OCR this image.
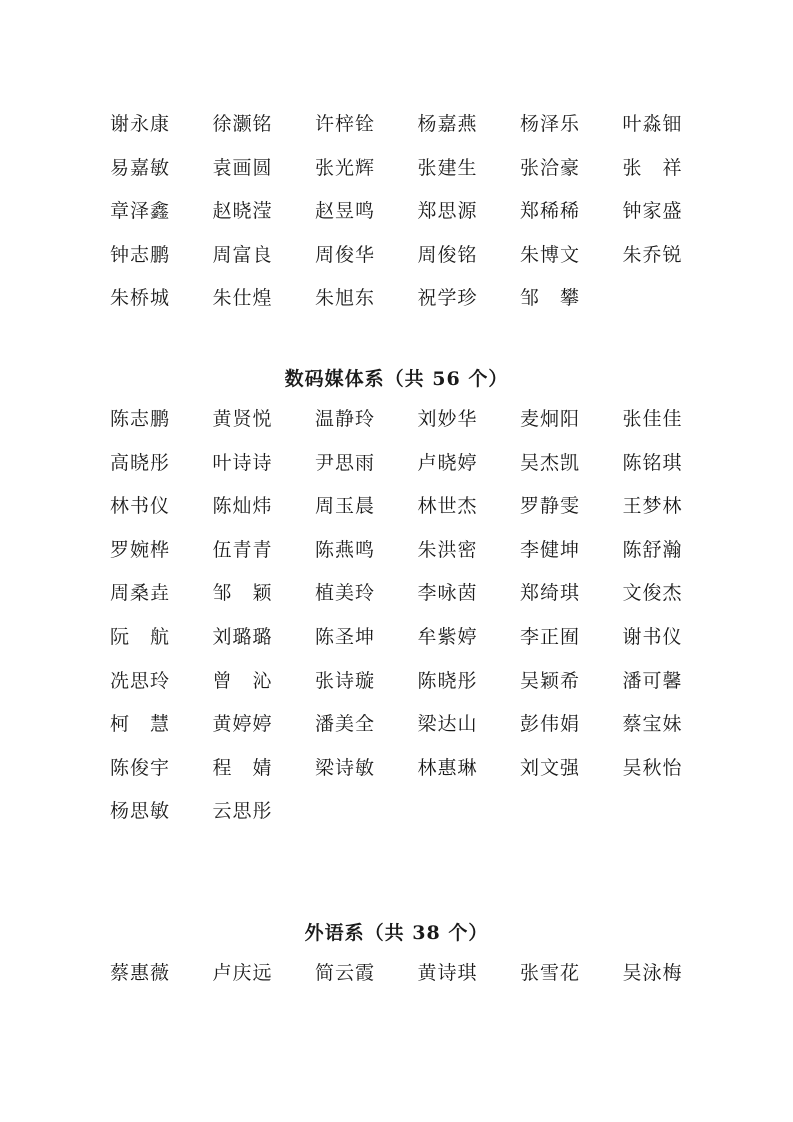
谢永康	徐灏铭	许梓铨	杨嘉燕	杨泽乐	叶淼钿
易嘉敏	袁画圆	张光辉	张建生	张洽豪	张　祥
章泽鑫	赵晓滢	赵昱鸣	郑思源	郑稀稀	钟家盛
钟志鹏	周富良	周俊华	周俊铭	朱博文	朱乔锐
朱桥城	朱仕煌	朱旭东	祝学珍	邹　攀
数码媒体系（共 56 个）
陈志鹏	黄贤悦	温静玲	刘妙华	麦炯阳	张佳佳
高晓彤	叶诗诗	尹思雨	卢晓婷	吴杰凯	陈铭琪
林书仪	陈灿炜	周玉晨	林世杰	罗静雯	王梦林
罗婉桦	伍青青	陈燕鸣	朱洪密	李健坤	陈舒瀚
周桑垚	邹　颖	植美玲	李咏茵	郑绮琪	文俊杰
阮　航	刘璐璐	陈圣坤	牟紫婷	李正囿	谢书仪
冼思玲	曾　沁	张诗璇	陈晓彤	吴颖希	潘可馨
柯　慧	黄婷婷	潘美全	梁达山	彭伟娟	蔡宝妹
陈俊宇	程　婧	梁诗敏	林惠琳	刘文强	吴秋怡
杨思敏	云思彤
外语系（共 38 个）
蔡惠薇	卢庆远	简云霞	黄诗琪	张雪花	吴泳梅
